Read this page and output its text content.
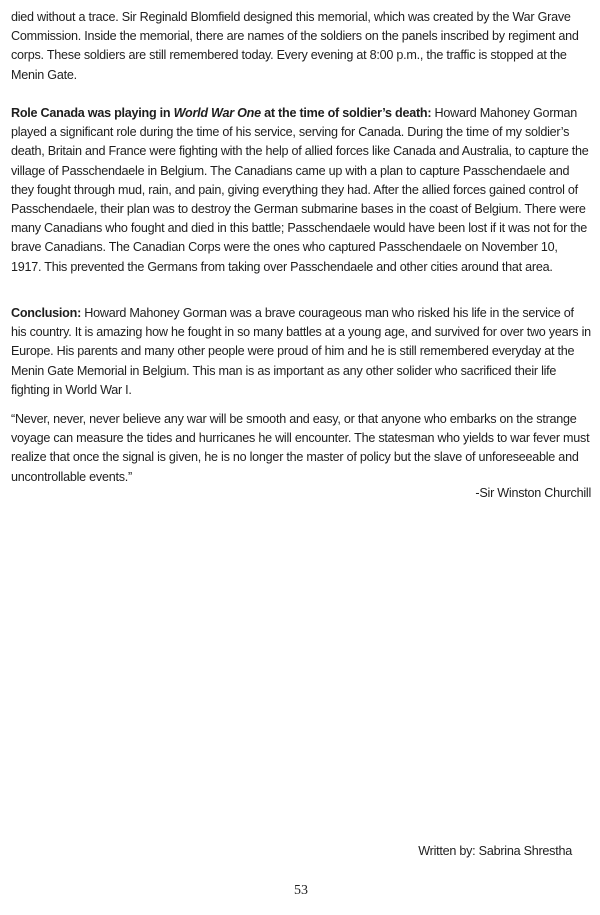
died without a trace. Sir Reginald Blomfield designed this memorial, which was created by the War Grave Commission. Inside the memorial, there are names of the soldiers on the panels inscribed by regiment and corps. These soldiers are still remembered today. Every evening at 8:00 p.m., the traffic is stopped at the Menin Gate.

Role Canada was playing in World War One at the time of soldier’s death: Howard Mahoney Gorman played a significant role during the time of his service, serving for Canada. During the time of my soldier’s death, Britain and France were fighting with the help of allied forces like Canada and Australia, to capture the village of Passchendaele in Belgium. The Canadians came up with a plan to capture Passchendaele and they fought through mud, rain, and pain, giving everything they had. After the allied forces gained control of Passchendaele, their plan was to destroy the German submarine bases in the coast of Belgium. There were many Canadians who fought and died in this battle; Passchendaele would have been lost if it was not for the brave Canadians. The Canadian Corps were the ones who captured Passchendaele on November 10, 1917. This prevented the Germans from taking over Passchendaele and other cities around that area.

Conclusion: Howard Mahoney Gorman was a brave courageous man who risked his life in the service of his country. It is amazing how he fought in so many battles at a young age, and survived for over two years in Europe. His parents and many other people were proud of him and he is still remembered everyday at the Menin Gate Memorial in Belgium. This man is as important as any other solider who sacrificed their life fighting in World War I.

“Never, never, never believe any war will be smooth and easy, or that anyone who embarks on the strange voyage can measure the tides and hurricanes he will encounter. The statesman who yields to war fever must realize that once the signal is given, he is no longer the master of policy but the slave of unforeseeable and uncontrollable events.”

-Sir Winston Churchill
Written by: Sabrina Shrestha
53
